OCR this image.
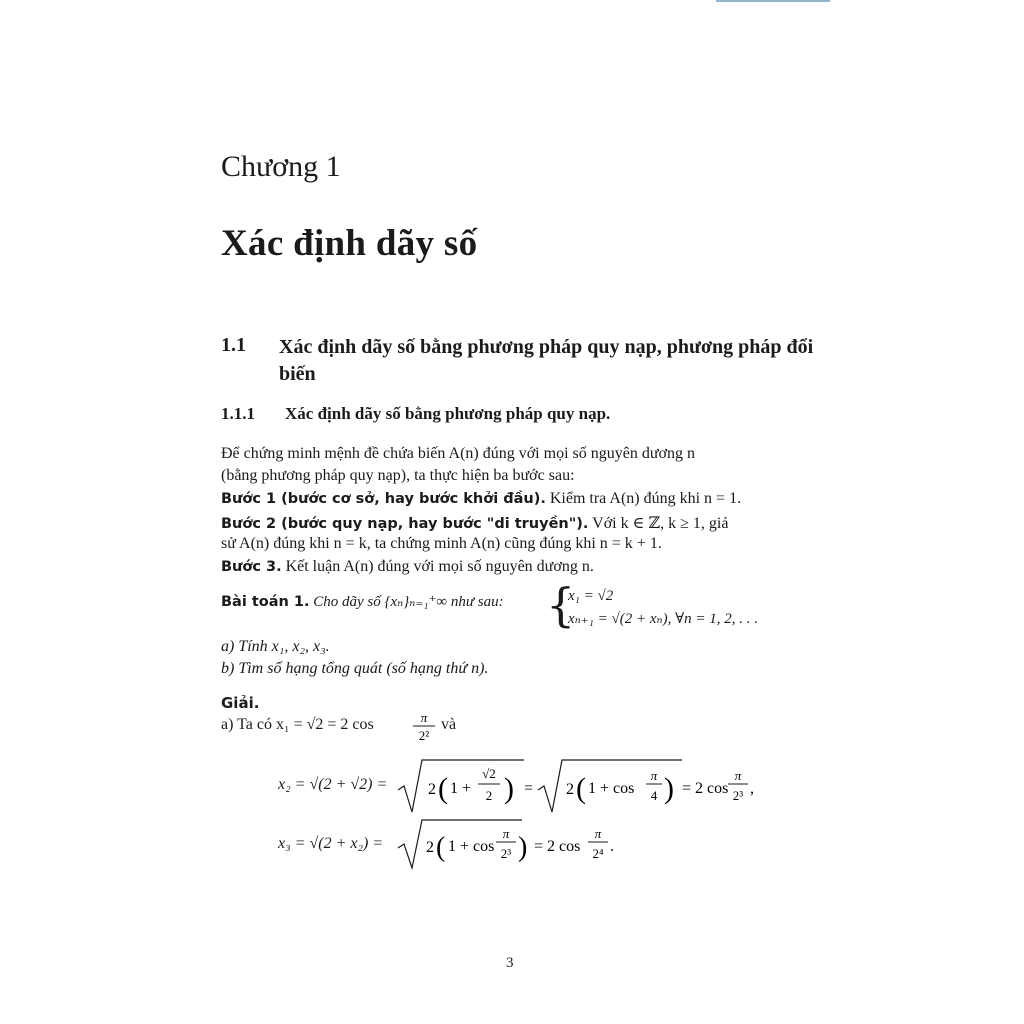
Chương 1
Xác định dãy số
1.1 Xác định dãy số bằng phương pháp quy nạp, phương pháp đổi biến
1.1.1 Xác định dãy số bằng phương pháp quy nạp.
Để chứng minh mệnh đề chứa biến A(n) đúng với mọi số nguyên dương n
(bằng phương pháp quy nạp), ta thực hiện ba bước sau:
Bước 1 (bước cơ sở, hay bước khởi đầu). Kiểm tra A(n) đúng khi n = 1.
Bước 2 (bước quy nạp, hay bước "di truyền"). Với k ∈ ℤ, k ≥ 1, giả
sử A(n) đúng khi n = k, ta chứng minh A(n) cũng đúng khi n = k + 1.
Bước 3. Kết luận A(n) đúng với mọi số nguyên dương n.
Bài toán 1. Cho dãy số {xₙ}ₙ₌₁⁺∞ như sau: {
x₁ = √2
xₙ₊₁ = √(2 + xₙ), ∀n = 1, 2, . . .
a) Tính x₁, x₂, x₃.
b) Tìm số hạng tổng quát (số hạng thứ n).
Giải.
a) Ta có x₁ = √2 = 2 cos	π
2²
và
x₂ = √(2 + √2) =	2 ( 1 +
√2
2 ) = 2 ( 1 + cos
π
4 ) = 2 cos
π
2³ ,
x₃ = √(2 + x₂) =	2 ( 1 + cos
π
2³ ) = 2 cos
π
2⁴ .
3
